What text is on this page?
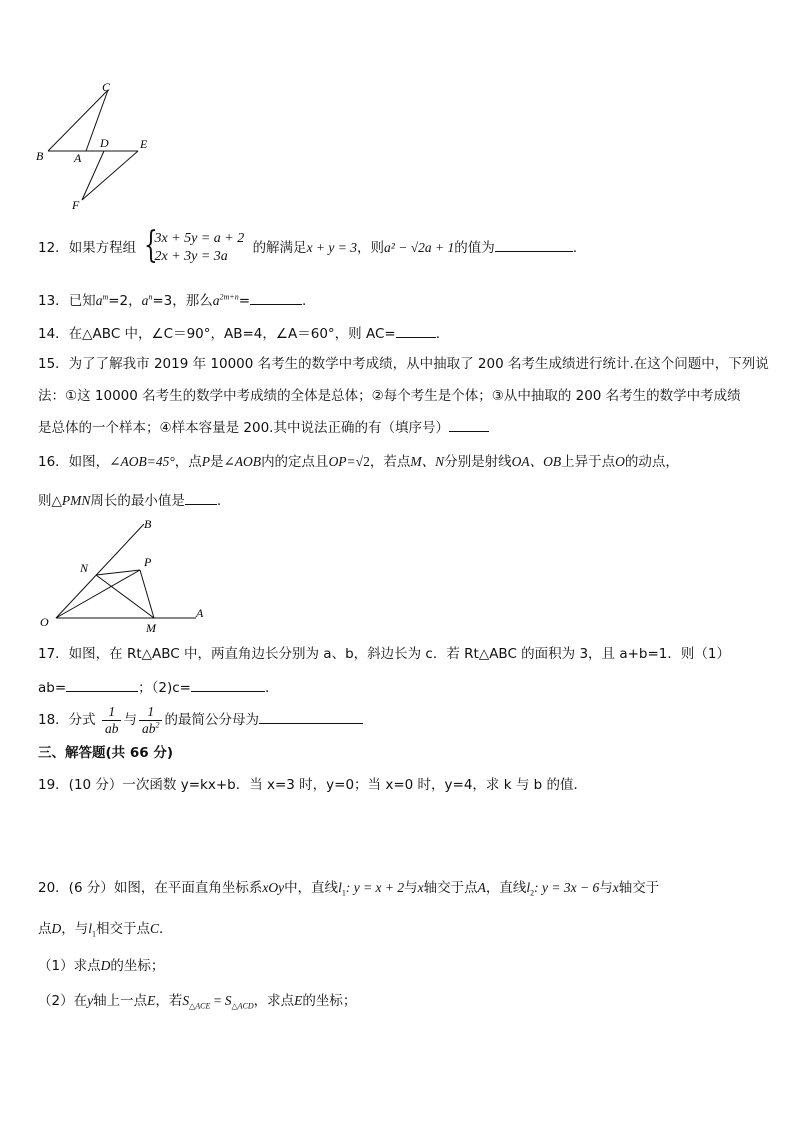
C
B	A
D	E
F
12．如果方程组 {
3x + 5y = a + 2
2x + 3y = 3a
的解满足x + y = 3，则a² − √2a + 1的值为	.
13．已知$a^m=2$，$a^n=3$，那么$a^{2m+n}=$	.
14．在△ABC 中，∠C＝90°，AB=4，∠A＝60°，则 AC=	.
15．为了了解我市 2019 年 10000 名考生的数学中考成绩，从中抽取了 200 名考生成绩进行统计.在这个问题中，下列说
法：①这 10000 名考生的数学中考成绩的全体是总体；②每个考生是个体；③从中抽取的 200 名考生的数学中考成绩
是总体的一个样本；④样本容量是 200.其中说法正确的有（填序号）
16．如图，∠AOB=45°，点P是∠AOB内的定点且OP=√2，若点M、N分别是射线OA、OB上异于点O的动点，
则△PMN周长的最小值是 .
B
N	P
O	M
A
17．如图，在 Rt△ABC 中，两直角边长分别为 a、b，斜边长为 c．若 Rt△ABC 的面积为 3，且 a+b=1．则（1）
ab=	；（2)c=	.
18．分式 $\frac{1}{ab}$ 与 $\frac{1}{ab^2}$ 的最简公分母为
三、解答题(共 66 分)
19．(10 分）一次函数 y=kx+b．当 x=3 时，y=0；当 x=0 时，y=4，求 k 与 b 的值．
20．(6 分）如图，在平面直角坐标系xOy中，直线$l_1$: y = x + 2与x轴交于点A，直线$l_2$: y = 3x − 6与x轴交于
点D，与$l_1$相交于点C．
（1）求点D的坐标；
（2）在y轴上一点E，若$S_{\triangle ACE} = S_{\triangle ACD}$，求点E的坐标；
